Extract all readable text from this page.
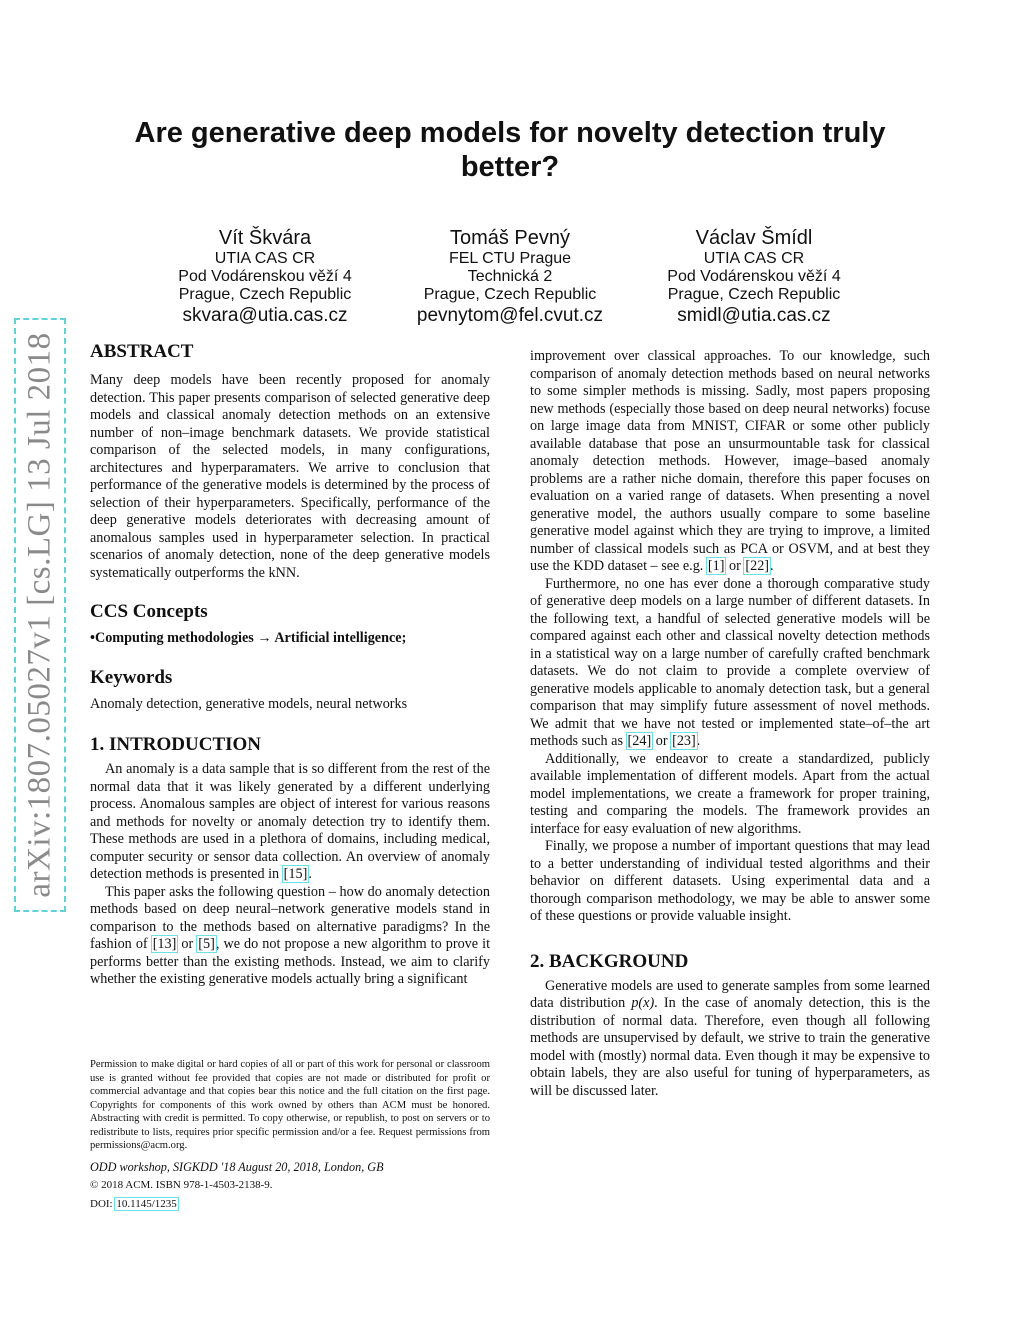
Are generative deep models for novelty detection truly better?
Vít Škvára
UTIA CAS CR
Pod Vodárenskou věží 4
Prague, Czech Republic
skvara@utia.cas.cz
Tomáš Pevný
FEL CTU Prague
Technická 2
Prague, Czech Republic
pevnytom@fel.cvut.cz
Václav Šmídl
UTIA CAS CR
Pod Vodárenskou věží 4
Prague, Czech Republic
smidl@utia.cas.cz
arXiv:1807.05027v1 [cs.LG] 13 Jul 2018 ABSTRACT

Many deep models have been recently proposed for anomaly detection. This paper presents comparison of selected generative deep models and classical anomaly detection methods on an extensive number of non–image benchmark datasets. We provide statistical comparison of the selected models, in many configurations, architectures and hyperparamaters. We arrive to conclusion that performance of the generative models is determined by the process of selection of their hyperparameters. Specifically, performance of the deep generative models deteriorates with decreasing amount of anomalous samples used in hyperparameter selection. In practical scenarios of anomaly detection, none of the deep generative models systematically outperforms the kNN.

CCS Concepts

•Computing methodologies → Artificial intelligence;

Keywords

Anomaly detection, generative models, neural networks

1. INTRODUCTION

An anomaly is a data sample that is so different from the rest of the normal data that it was likely generated by a different underlying process. Anomalous samples are object of interest for various reasons and methods for novelty or anomaly detection try to identify them. These methods are used in a plethora of domains, including medical, computer security or sensor data collection. An overview of anomaly detection methods is presented in [15].

This paper asks the following question – how do anomaly detection methods based on deep neural–network generative models stand in comparison to the methods based on alternative paradigms? In the fashion of [13] or [5], we do not propose a new algorithm to prove it performs better than the existing methods. Instead, we aim to clarify whether the existing generative models actually bring a significant

Permission to make digital or hard copies of all or part of this work for personal or classroom use is granted without fee provided that copies are not made or distributed for profit or commercial advantage and that copies bear this notice and the full citation on the first page. Copyrights for components of this work owned by others than ACM must be honored. Abstracting with credit is permitted. To copy otherwise, or republish, to post on servers or to redistribute to lists, requires prior specific permission and/or a fee. Request permissions from permissions@acm.org.

ODD workshop, SIGKDD '18 August 20, 2018, London, GB

© 2018 ACM. ISBN 978-1-4503-2138-9.

DOI: 10.1145/1235

improvement over classical approaches. To our knowledge, such comparison of anomaly detection methods based on neural networks to some simpler methods is missing. Sadly, most papers proposing new methods (especially those based on deep neural networks) focuse on large image data from MNIST, CIFAR or some other publicly available database that pose an unsurmountable task for classical anomaly detection methods. However, image–based anomaly problems are a rather niche domain, therefore this paper focuses on evaluation on a varied range of datasets. When presenting a novel generative model, the authors usually compare to some baseline generative model against which they are trying to improve, a limited number of classical models such as PCA or OSVM, and at best they use the KDD dataset – see e.g. [1] or [22].

Furthermore, no one has ever done a thorough comparative study of generative deep models on a large number of different datasets. In the following text, a handful of selected generative models will be compared against each other and classical novelty detection methods in a statistical way on a large number of carefully crafted benchmark datasets. We do not claim to provide a complete overview of generative models applicable to anomaly detection task, but a general comparison that may simplify future assessment of novel methods. We admit that we have not tested or implemented state–of–the art methods such as [24] or [23].

Additionally, we endeavor to create a standardized, publicly available implementation of different models. Apart from the actual model implementations, we create a framework for proper training, testing and comparing the models. The framework provides an interface for easy evaluation of new algorithms.

Finally, we propose a number of important questions that may lead to a better understanding of individual tested algorithms and their behavior on different datasets. Using experimental data and a thorough comparison methodology, we may be able to answer some of these questions or provide valuable insight.

2. BACKGROUND

Generative models are used to generate samples from some learned data distribution p(x). In the case of anomaly detection, this is the distribution of normal data. Therefore, even though all following methods are unsupervised by default, we strive to train the generative model with (mostly) normal data. Even though it may be expensive to obtain labels, they are also useful for tuning of hyperparameters, as will be discussed later.
